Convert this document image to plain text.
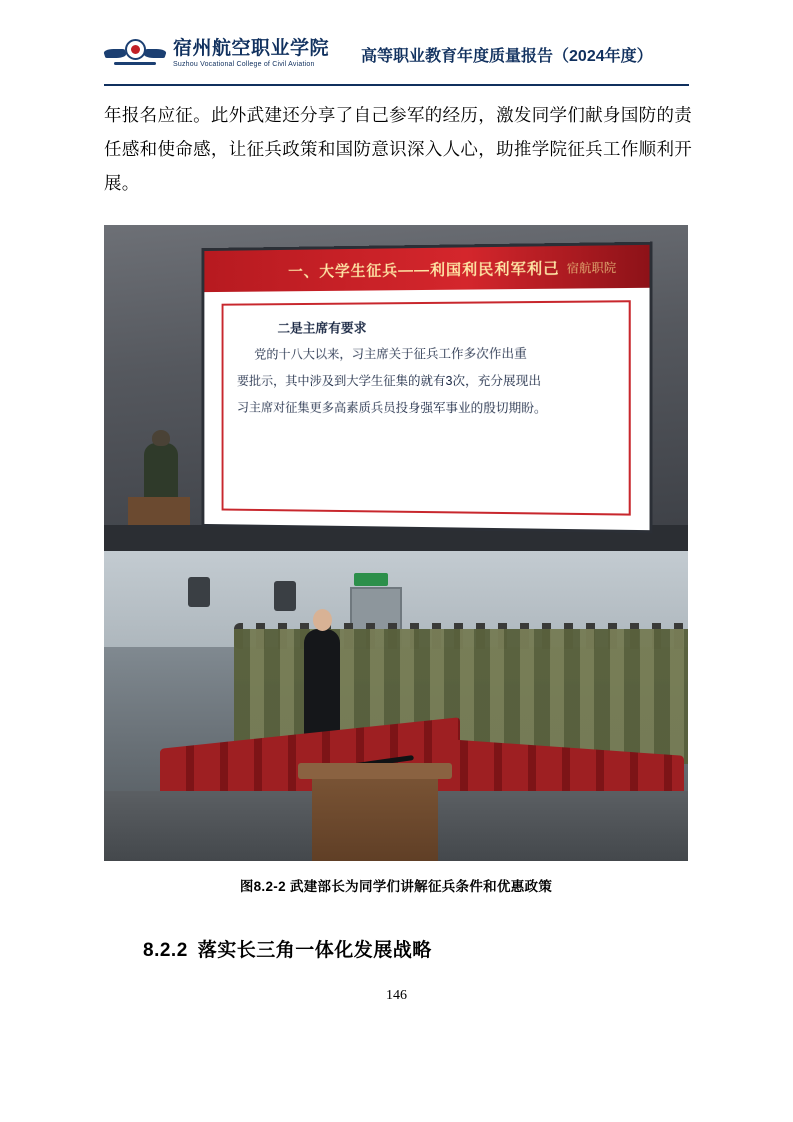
宿州航空职业学院
Suzhou Vocational College of Civil Aviation
高等职业教育年度质量报告（2024年度）
年报名应征。此外武建还分享了自己参军的经历，激发同学们献身国防的责任感和使命感，让征兵政策和国防意识深入人心，助推学院征兵工作顺利开展。
一、大学生征兵——利国利民利军利己 宿航职院

二是主席有要求

党的十八大以来，习主席关于征兵工作多次作出重

要批示，其中涉及到大学生征集的就有3次，充分展现出

习主席对征集更多高素质兵员投身强军事业的殷切期盼。

图8.2-2 武建部长为同学们讲解征兵条件和优惠政策
8.2.2 落实长三角一体化发展战略
146
